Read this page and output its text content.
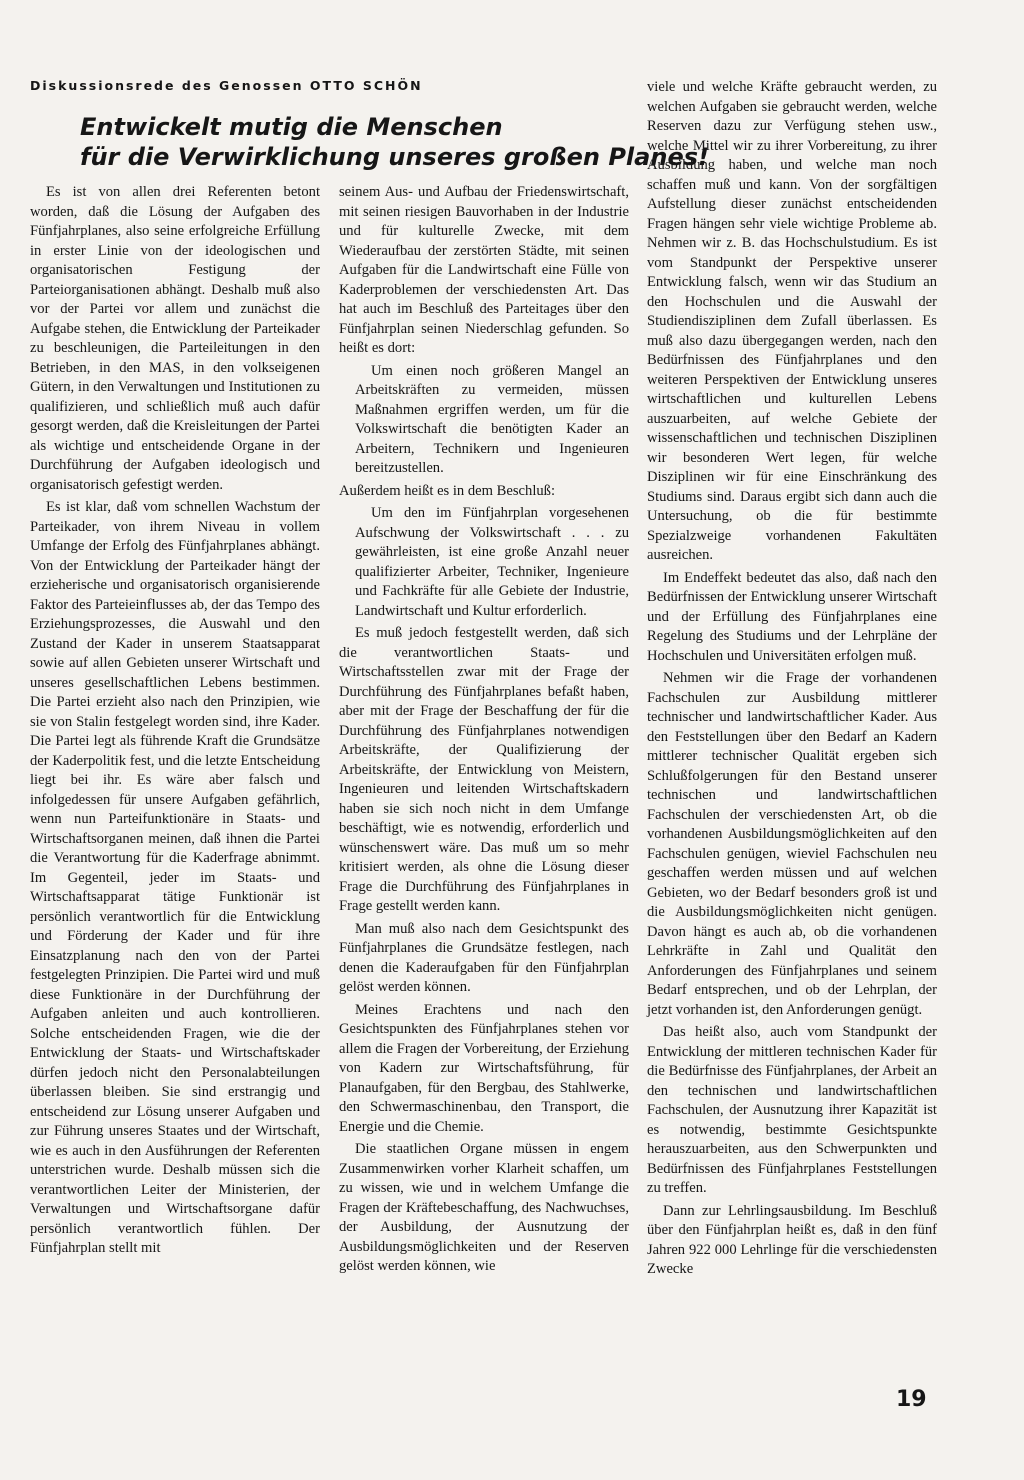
Diskussionsrede des Genossen OTTO SCHÖN
Entwickelt mutig die Menschen
für die Verwirklichung unseres großen Planes!

Es ist von allen drei Referenten betont worden, daß die Lösung der Aufgaben des Fünfjahrplanes, also seine erfolgreiche Erfüllung in erster Linie von der ideologischen und organisatorischen Festigung der Parteiorganisationen abhängt. Deshalb muß also vor der Partei vor allem und zunächst die Aufgabe stehen, die Entwicklung der Parteikader zu beschleunigen, die Parteileitungen in den Betrieben, in den MAS, in den volkseigenen Gütern, in den Verwaltungen und Institutionen zu qualifizieren, und schließlich muß auch dafür gesorgt werden, daß die Kreisleitungen der Partei als wichtige und entscheidende Organe in der Durchführung der Aufgaben ideologisch und organisatorisch gefestigt werden.

Es ist klar, daß vom schnellen Wachstum der Parteikader, von ihrem Niveau in vollem Umfange der Erfolg des Fünfjahrplanes abhängt. Von der Entwicklung der Parteikader hängt der erzieherische und organisatorisch organisierende Faktor des Parteieinflusses ab, der das Tempo des Erziehungsprozesses, die Auswahl und den Zustand der Kader in unserem Staatsapparat sowie auf allen Gebieten unserer Wirtschaft und unseres gesellschaftlichen Lebens bestimmen. Die Partei erzieht also nach den Prinzipien, wie sie von Stalin festgelegt worden sind, ihre Kader. Die Partei legt als führende Kraft die Grundsätze der Kaderpolitik fest, und die letzte Entscheidung liegt bei ihr. Es wäre aber falsch und infolgedessen für unsere Aufgaben gefährlich, wenn nun Parteifunktionäre in Staats- und Wirtschaftsorganen meinen, daß ihnen die Partei die Verantwortung für die Kaderfrage abnimmt. Im Gegenteil, jeder im Staats- und Wirtschaftsapparat tätige Funktionär ist persönlich verantwortlich für die Entwicklung und Förderung der Kader und für ihre Einsatzplanung nach den von der Partei festgelegten Prinzipien. Die Partei wird und muß diese Funktionäre in der Durchführung der Aufgaben anleiten und auch kontrollieren. Solche entscheidenden Fragen, wie die der Entwicklung der Staats- und Wirtschaftskader dürfen jedoch nicht den Personalabteilungen überlassen bleiben. Sie sind erstrangig und entscheidend zur Lösung unserer Aufgaben und zur Führung unseres Staates und der Wirtschaft, wie es auch in den Ausführungen der Referenten unterstrichen wurde. Deshalb müssen sich die verantwortlichen Leiter der Ministerien, der Verwaltungen und Wirtschaftsorgane dafür persönlich verantwortlich fühlen. Der Fünfjahrplan stellt mit

seinem Aus- und Aufbau der Friedenswirtschaft, mit seinen riesigen Bauvorhaben in der Industrie und für kulturelle Zwecke, mit dem Wiederaufbau der zerstörten Städte, mit seinen Aufgaben für die Landwirtschaft eine Fülle von Kaderproblemen der verschiedensten Art. Das hat auch im Beschluß des Parteitages über den Fünfjahrplan seinen Niederschlag gefunden. So heißt es dort:

Um einen noch größeren Mangel an Arbeitskräften zu vermeiden, müssen Maßnahmen ergriffen werden, um für die Volkswirtschaft die benötigten Kader an Arbeitern, Technikern und Ingenieuren bereitzustellen.

Außerdem heißt es in dem Beschluß:

Um den im Fünfjahrplan vorgesehenen Aufschwung der Volkswirtschaft . . . zu gewährleisten, ist eine große Anzahl neuer qualifizierter Arbeiter, Techniker, Ingenieure und Fachkräfte für alle Gebiete der Industrie, Landwirtschaft und Kultur erforderlich.

Es muß jedoch festgestellt werden, daß sich die verantwortlichen Staats- und Wirtschaftsstellen zwar mit der Frage der Durchführung des Fünfjahrplanes befaßt haben, aber mit der Frage der Beschaffung der für die Durchführung des Fünfjahrplanes notwendigen Arbeitskräfte, der Qualifizierung der Arbeitskräfte, der Entwicklung von Meistern, Ingenieuren und leitenden Wirtschaftskadern haben sie sich noch nicht in dem Umfange beschäftigt, wie es notwendig, erforderlich und wünschenswert wäre. Das muß um so mehr kritisiert werden, als ohne die Lösung dieser Frage die Durchführung des Fünfjahrplanes in Frage gestellt werden kann.

Man muß also nach dem Gesichtspunkt des Fünfjahrplanes die Grundsätze festlegen, nach denen die Kaderaufgaben für den Fünfjahrplan gelöst werden können.

Meines Erachtens und nach den Gesichtspunkten des Fünfjahrplanes stehen vor allem die Fragen der Vorbereitung, der Erziehung von Kadern zur Wirtschaftsführung, für Planaufgaben, für den Bergbau, des Stahlwerke, den Schwermaschinenbau, den Transport, die Energie und die Chemie.

Die staatlichen Organe müssen in engem Zusammenwirken vorher Klarheit schaffen, um zu wissen, wie und in welchem Umfange die Fragen der Kräftebeschaffung, des Nachwuchses, der Ausbildung, der Ausnutzung der Ausbildungsmöglichkeiten und der Reserven gelöst werden können, wie

viele und welche Kräfte gebraucht werden, zu welchen Aufgaben sie gebraucht werden, welche Reserven dazu zur Verfügung stehen usw., welche Mittel wir zu ihrer Vorbereitung, zu ihrer Ausbildung haben, und welche man noch schaffen muß und kann. Von der sorgfältigen Aufstellung dieser zunächst entscheidenden Fragen hängen sehr viele wichtige Probleme ab. Nehmen wir z. B. das Hochschulstudium. Es ist vom Standpunkt der Perspektive unserer Entwicklung falsch, wenn wir das Studium an den Hochschulen und die Auswahl der Studiendisziplinen dem Zufall überlassen. Es muß also dazu übergegangen werden, nach den Bedürfnissen des Fünfjahrplanes und den weiteren Perspektiven der Entwicklung unseres wirtschaftlichen und kulturellen Lebens auszuarbeiten, auf welche Gebiete der wissenschaftlichen und technischen Disziplinen wir besonderen Wert legen, für welche Disziplinen wir für eine Einschränkung des Studiums sind. Daraus ergibt sich dann auch die Untersuchung, ob die für bestimmte Spezialzweige vorhandenen Fakultäten ausreichen.

Im Endeffekt bedeutet das also, daß nach den Bedürfnissen der Entwicklung unserer Wirtschaft und der Erfüllung des Fünfjahrplanes eine Regelung des Studiums und der Lehrpläne der Hochschulen und Universitäten erfolgen muß.

Nehmen wir die Frage der vorhandenen Fachschulen zur Ausbildung mittlerer technischer und landwirtschaftlicher Kader. Aus den Feststellungen über den Bedarf an Kadern mittlerer technischer Qualität ergeben sich Schlußfolgerungen für den Bestand unserer technischen und landwirtschaftlichen Fachschulen der verschiedensten Art, ob die vorhandenen Ausbildungsmöglichkeiten auf den Fachschulen genügen, wieviel Fachschulen neu geschaffen werden müssen und auf welchen Gebieten, wo der Bedarf besonders groß ist und die Ausbildungsmöglichkeiten nicht genügen. Davon hängt es auch ab, ob die vorhandenen Lehrkräfte in Zahl und Qualität den Anforderungen des Fünfjahrplanes und seinem Bedarf entsprechen, und ob der Lehrplan, der jetzt vorhanden ist, den Anforderungen genügt.

Das heißt also, auch vom Standpunkt der Entwicklung der mittleren technischen Kader für die Bedürfnisse des Fünfjahrplanes, der Arbeit an den technischen und landwirtschaftlichen Fachschulen, der Ausnutzung ihrer Kapazität ist es notwendig, bestimmte Gesichtspunkte herauszuarbeiten, aus den Schwerpunkten und Bedürfnissen des Fünfjahrplanes Feststellungen zu treffen.

Dann zur Lehrlingsausbildung. Im Beschluß über den Fünfjahrplan heißt es, daß in den fünf Jahren 922 000 Lehrlinge für die verschiedensten Zwecke

19
